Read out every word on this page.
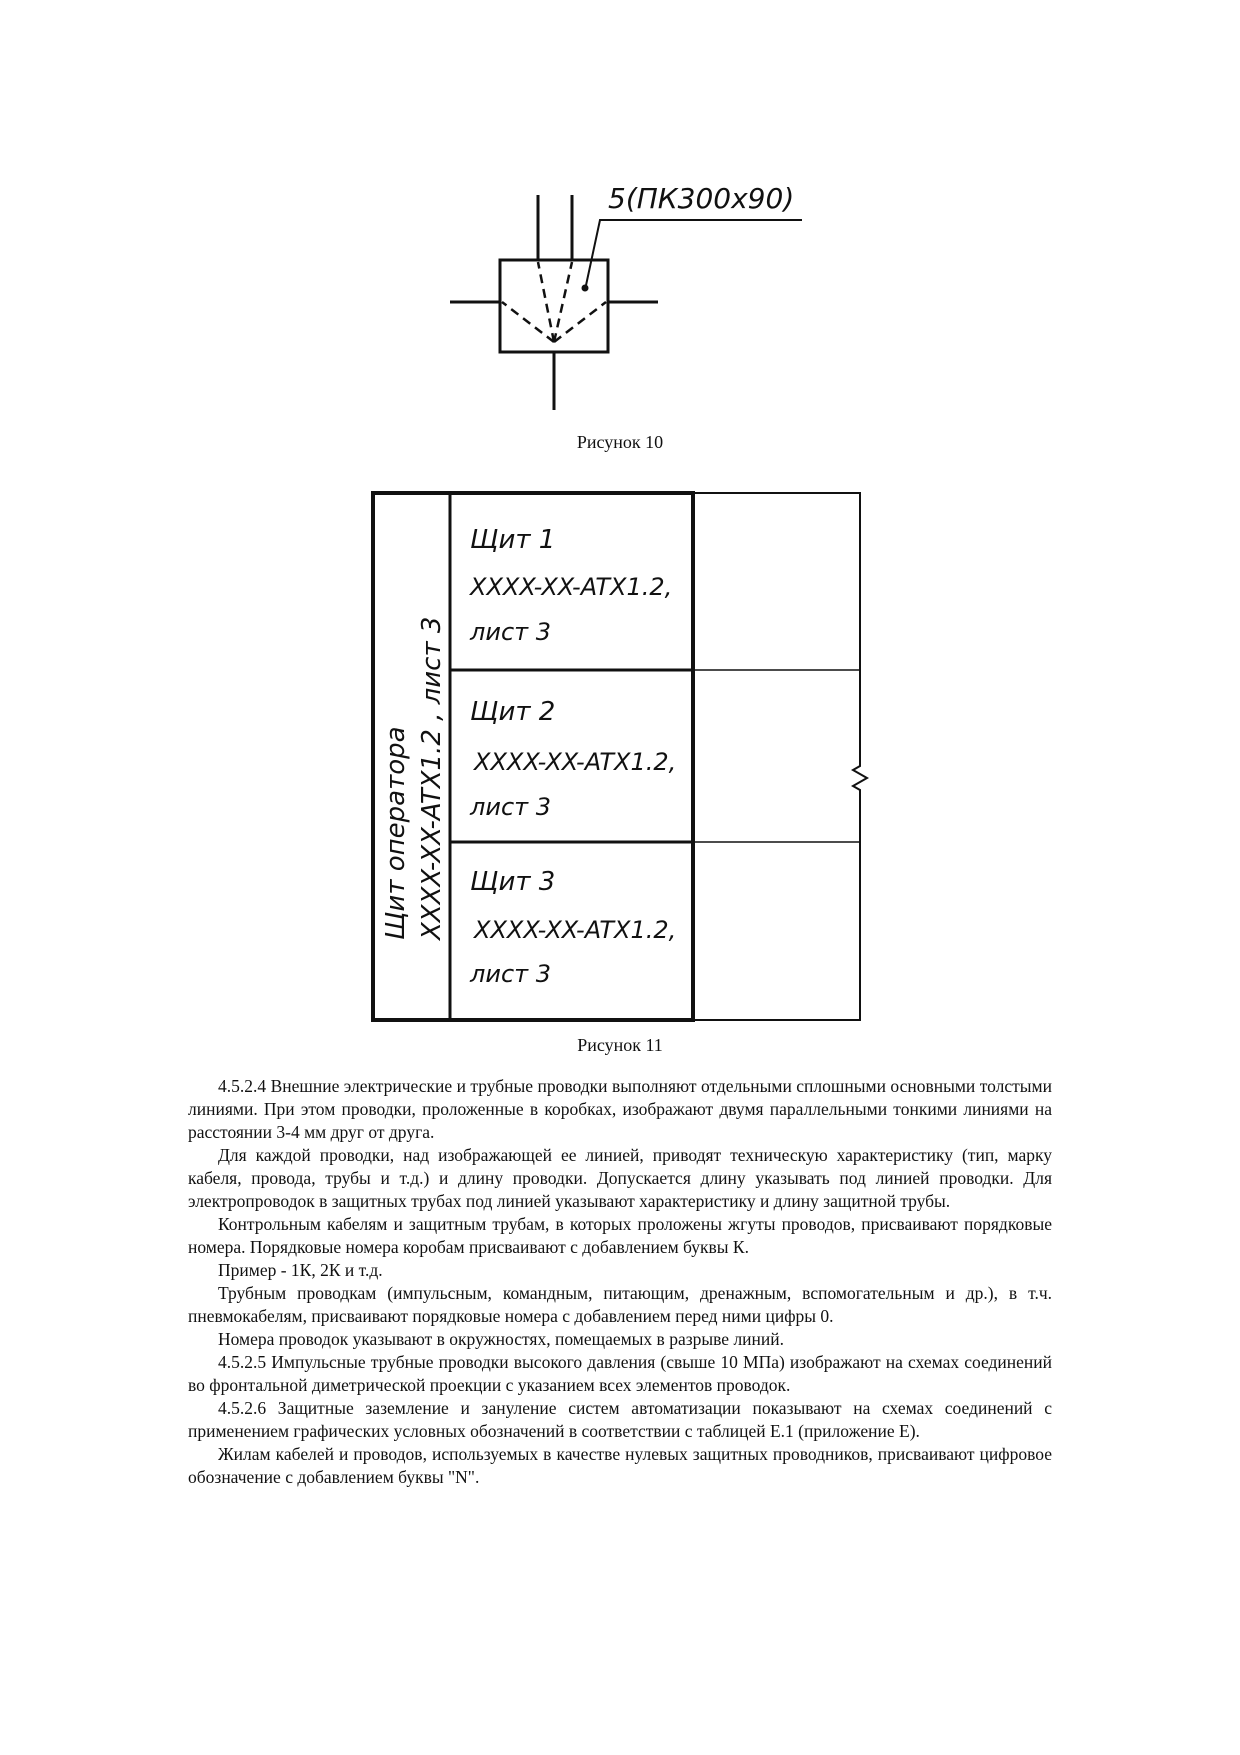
5(ПК300x90)
Рисунок 10
Щит оператора XXXX-XX-ATX1.2 , лист 3
Щит 1
XXXX-XX-ATX1.2,
лист 3
Щит 2
XXXX-XX-ATX1.2,
лист 3
Щит 3
XXXX-XX-ATX1.2,
лист 3
Рисунок 11

4.5.2.4 Внешние электрические и трубные проводки выполняют отдельными сплошными основными толстыми линиями. При этом проводки, проложенные в коробках, изображают двумя параллельными тонкими линиями на расстоянии 3-4 мм друг от друга.

Для каждой проводки, над изображающей ее линией, приводят техническую характеристику (тип, марку кабеля, провода, трубы и т.д.) и длину проводки. Допускается длину указывать под линией проводки. Для электропроводок в защитных трубах под линией указывают характеристику и длину защитной трубы.

Контрольным кабелям и защитным трубам, в которых проложены жгуты проводов, присваивают порядковые номера. Порядковые номера коробам присваивают с добавлением буквы К.

Пример - 1К, 2К и т.д.

Трубным проводкам (импульсным, командным, питающим, дренажным, вспомогательным и др.), в т.ч. пневмокабелям, присваивают порядковые номера с добавлением перед ними цифры 0.

Номера проводок указывают в окружностях, помещаемых в разрыве линий.

4.5.2.5 Импульсные трубные проводки высокого давления (свыше 10 МПа) изображают на схемах соединений во фронтальной диметрической проекции с указанием всех элементов проводок.

4.5.2.6 Защитные заземление и зануление систем автоматизации показывают на схемах соединений с применением графических условных обозначений в соответствии с таблицей Е.1 (приложение Е).

Жилам кабелей и проводов, используемых в качестве нулевых защитных проводников, присваивают цифровое обозначение с добавлением буквы "N".
